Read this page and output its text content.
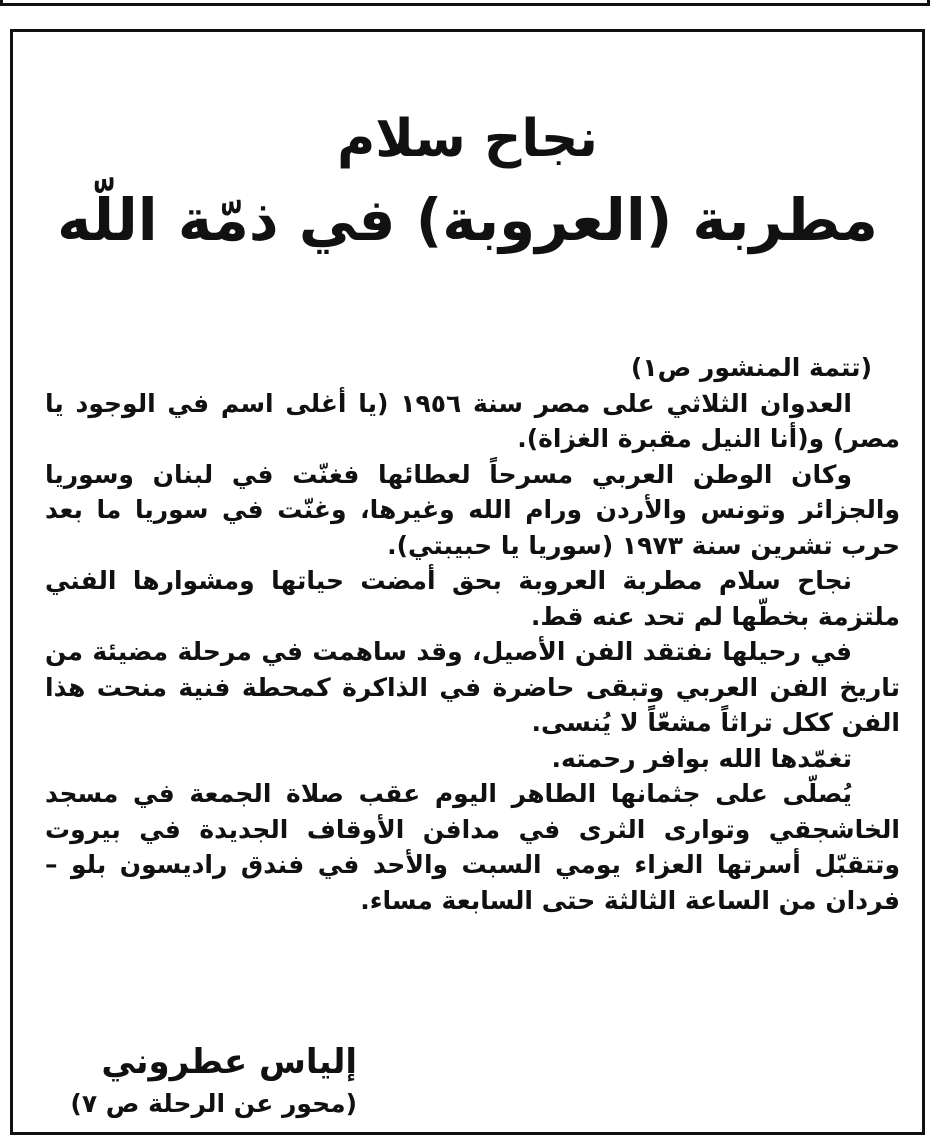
نجاح سلام
مطربة (العروبة) في ذمّة اللّه
(تتمة المنشور ص١)
العدوان الثلاثي على مصر سنة ١٩٥٦ (يا أغلى اسم في الوجود يا
مصر) و(أنا النيل مقبرة الغزاة).
وكان الوطن العربي مسرحاً لعطائها فغنّت في لبنان وسوريا
والجزائر وتونس والأردن ورام الله وغيرها، وغنّت في سوريا ما بعد
حرب تشرين سنة ١٩٧٣ (سوريا يا حبيبتي).
نجاح سلام مطربة العروبة بحق أمضت حياتها ومشوارها الفني
ملتزمة بخطّها لم تحد عنه قط.
في رحيلها نفتقد الفن الأصيل، وقد ساهمت في مرحلة مضيئة من
تاريخ الفن العربي وتبقى حاضرة في الذاكرة كمحطة فنية منحت هذا
الفن ككل تراثاً مشعّاً لا يُنسى.
تغمّدها الله بوافر رحمته.
يُصلّى على جثمانها الطاهر اليوم عقب صلاة الجمعة في مسجد
الخاشجقي وتوارى الثرى في مدافن الأوقاف الجديدة في بيروت
وتتقبّل أسرتها العزاء يومي السبت والأحد في فندق راديسون بلو –
فردان من الساعة الثالثة حتى السابعة مساء.
إلياس عطروني
(محور عن الرحلة ص ٧)
